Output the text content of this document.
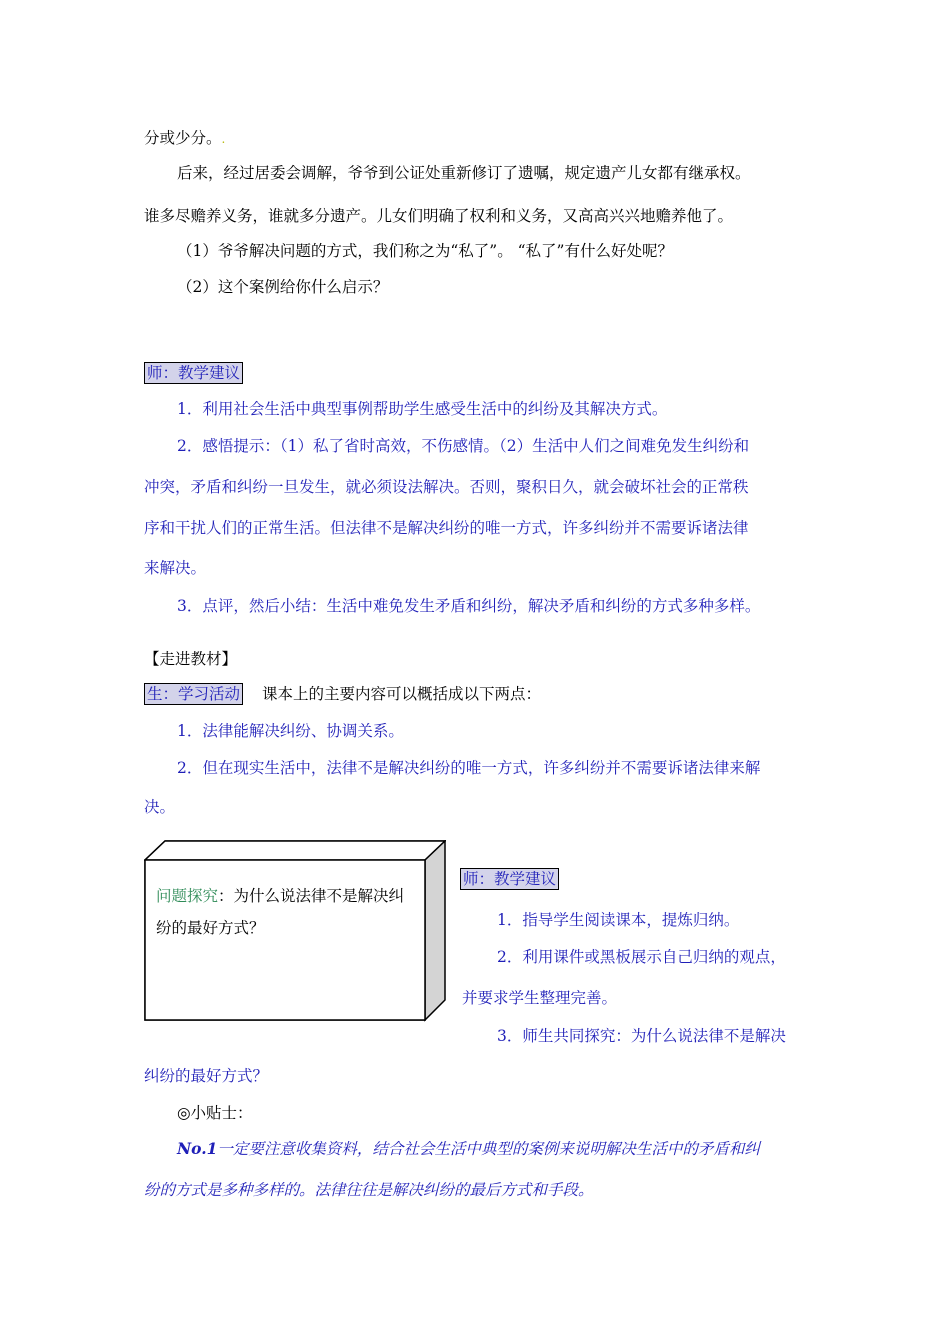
分或少分。.
后来，经过居委会调解，爷爷到公证处重新修订了遗嘱，规定遗产儿女都有继承权。
谁多尽赡养义务，谁就多分遗产。儿女们明确了权利和义务，又高高兴兴地赡养他了。
（1）爷爷解决问题的方式，我们称之为“私了”。 “私了”有什么好处呢？
（2）这个案例给你什么启示？
师：教学建议
1．利用社会生活中典型事例帮助学生感受生活中的纠纷及其解决方式。
2．感悟提示：（1）私了省时高效，不伤感情。（2）生活中人们之间难免发生纠纷和
冲突，矛盾和纠纷一旦发生，就必须设法解决。否则，聚积日久，就会破坏社会的正常秩
序和干扰人们的正常生活。但法律不是解决纠纷的唯一方式，许多纠纷并不需要诉诸法律
来解决。
3．点评，然后小结：生活中难免发生矛盾和纠纷，解决矛盾和纠纷的方式多种多样。
【走进教材】
生：学习活动 课本上的主要内容可以概括成以下两点：
1．法律能解决纠纷、协调关系。
2．但在现实生活中，法律不是解决纠纷的唯一方式，许多纠纷并不需要诉诸法律来解
决。
问题探究：为什么说法律不是解决纠纷的最好方式？
师：教学建议
1．指导学生阅读课本，提炼归纳。
2．利用课件或黑板展示自己归纳的观点，
并要求学生整理完善。
3．师生共同探究：为什么说法律不是解决
纠纷的最好方式？
◎小贴士：
No.1一定要注意收集资料，结合社会生活中典型的案例来说明解决生活中的矛盾和纠
纷的方式是多种多样的。法律往往是解决纠纷的最后方式和手段。
